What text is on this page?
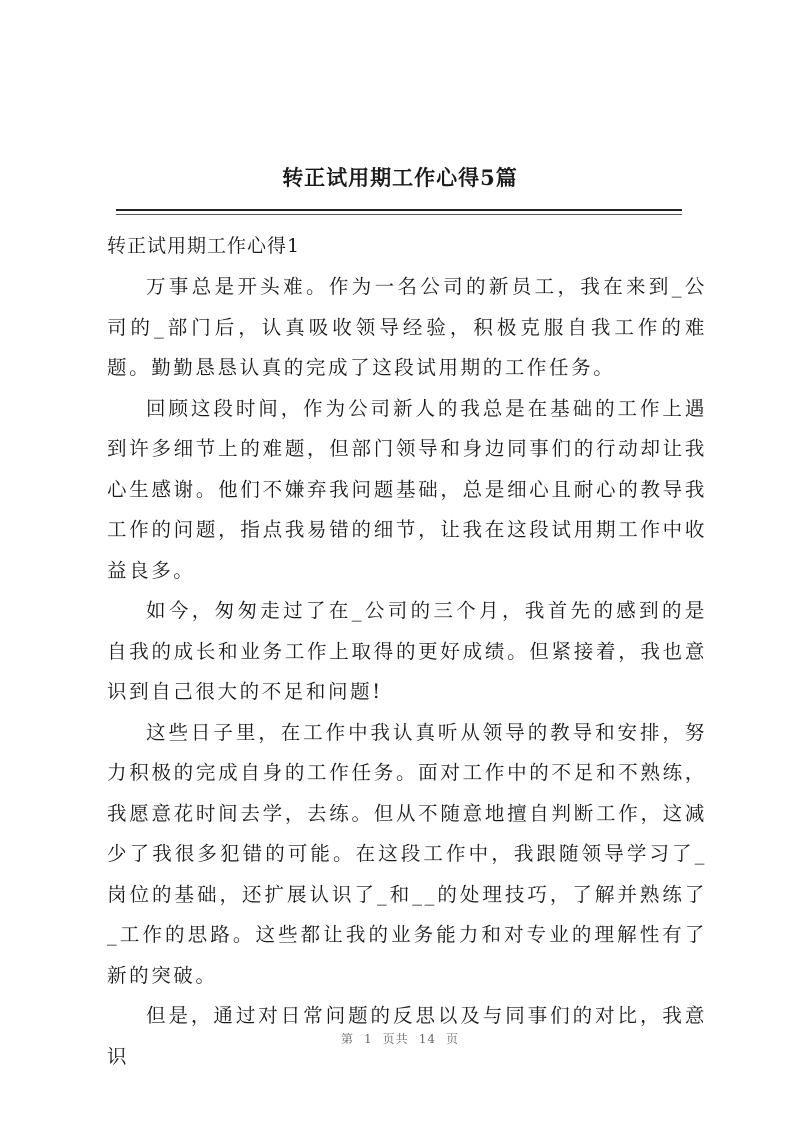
转正试用期工作心得5篇
转正试用期工作心得1

万事总是开头难。作为一名公司的新员工，我在来到_公司的_部门后，认真吸收领导经验，积极克服自我工作的难题。勤勤恳恳认真的完成了这段试用期的工作任务。

回顾这段时间，作为公司新人的我总是在基础的工作上遇到许多细节上的难题，但部门领导和身边同事们的行动却让我心生感谢。他们不嫌弃我问题基础，总是细心且耐心的教导我工作的问题，指点我易错的细节，让我在这段试用期工作中收益良多。

如今，匆匆走过了在_公司的三个月，我首先的感到的是自我的成长和业务工作上取得的更好成绩。但紧接着，我也意识到自己很大的不足和问题!

这些日子里，在工作中我认真听从领导的教导和安排，努力积极的完成自身的工作任务。面对工作中的不足和不熟练，我愿意花时间去学，去练。但从不随意地擅自判断工作，这减少了我很多犯错的可能。在这段工作中，我跟随领导学习了_岗位的基础，还扩展认识了_和__的处理技巧，了解并熟练了_工作的思路。这些都让我的业务能力和对专业的理解性有了新的突破。

但是，通过对日常问题的反思以及与同事们的对比，我意识

第 1 页共 14 页
